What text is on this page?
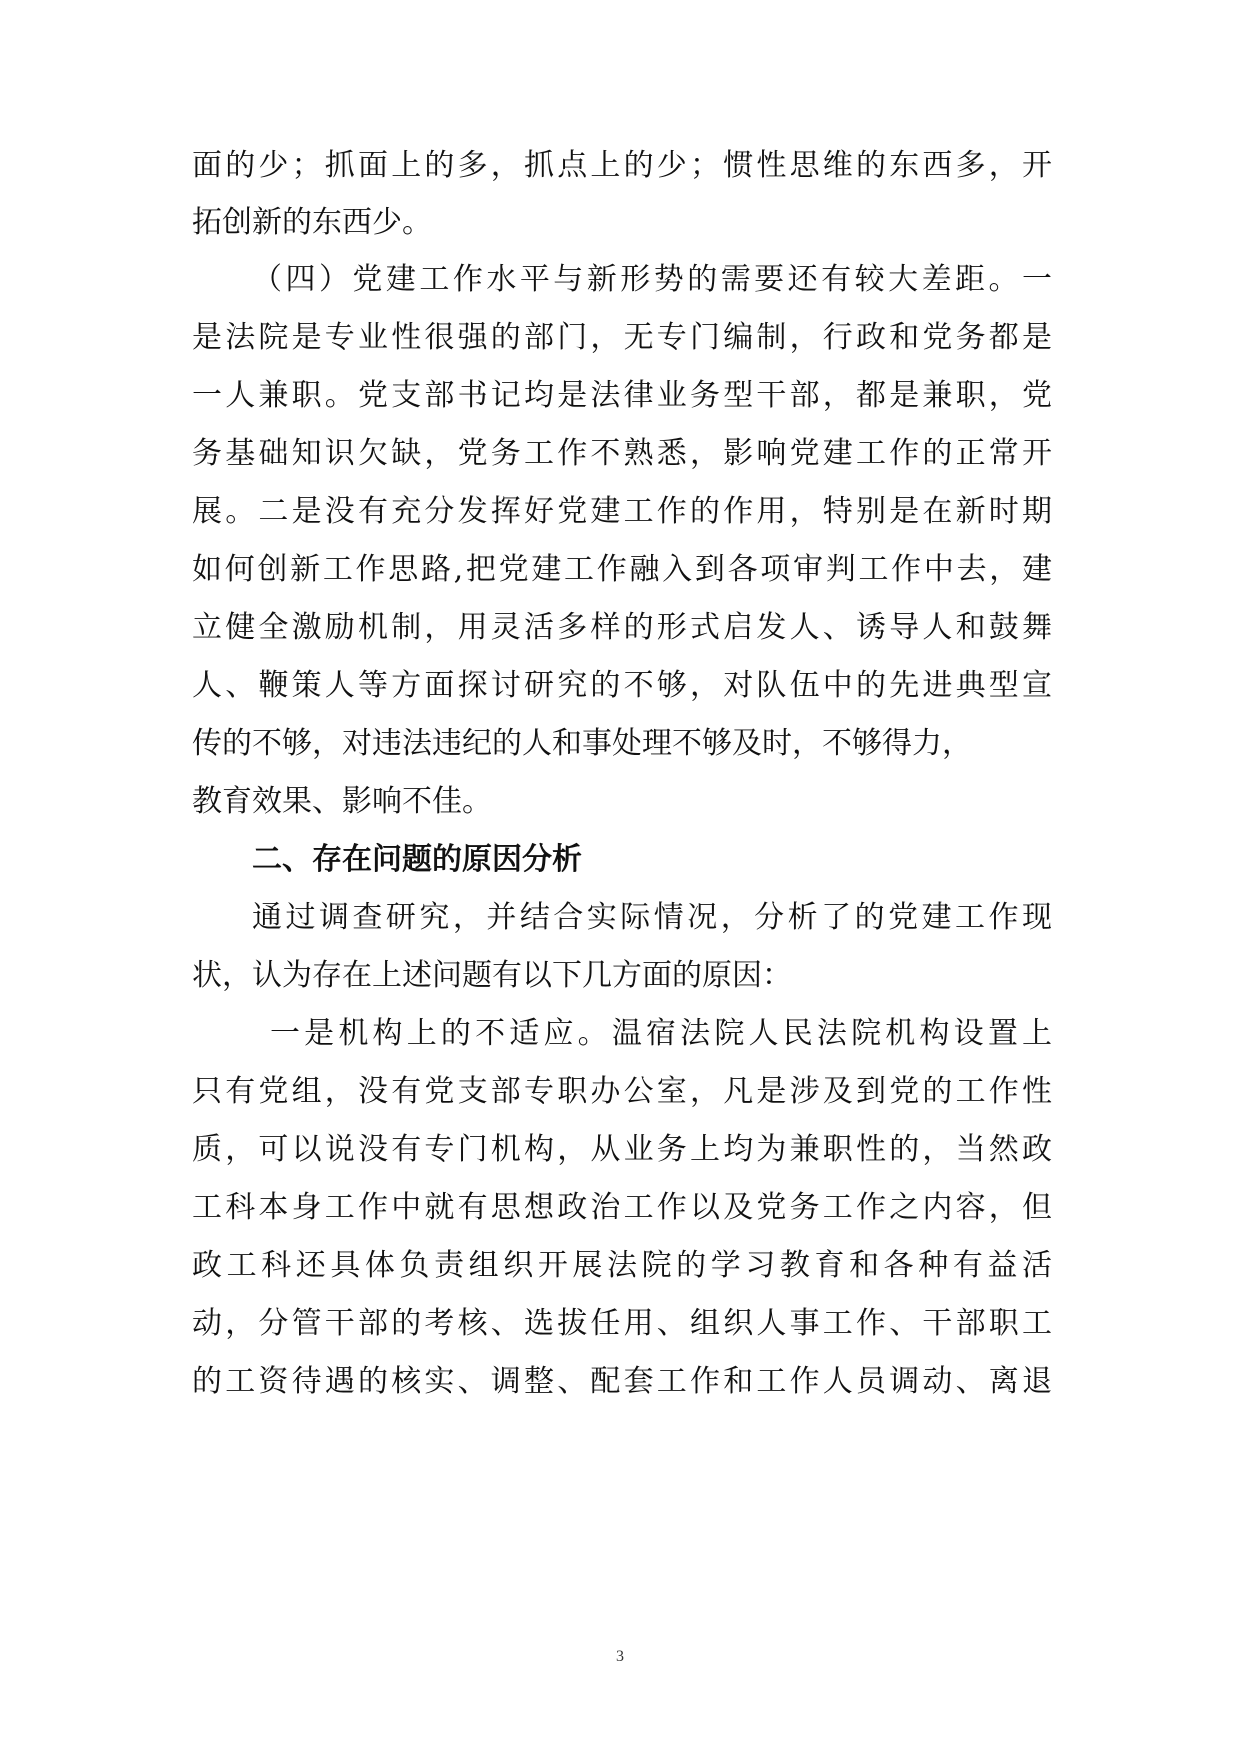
面的少；抓面上的多，抓点上的少；惯性思维的东西多，开
拓创新的东西少。
（四）党建工作水平与新形势的需要还有较大差距。一
是法院是专业性很强的部门，无专门编制，行政和党务都是
一人兼职。党支部书记均是法律业务型干部，都是兼职，党
务基础知识欠缺，党务工作不熟悉，影响党建工作的正常开
展。二是没有充分发挥好党建工作的作用，特别是在新时期
如何创新工作思路,把党建工作融入到各项审判工作中去，建
立健全激励机制，用灵活多样的形式启发人、诱导人和鼓舞
人、鞭策人等方面探讨研究的不够，对队伍中的先进典型宣
传的不够，对违法违纪的人和事处理不够及时，不够得力，
教育效果、影响不佳。
二、存在问题的原因分析
通过调查研究，并结合实际情况，分析了的党建工作现
状，认为存在上述问题有以下几方面的原因：
一是机构上的不适应。温宿法院人民法院机构设置上
只有党组，没有党支部专职办公室，凡是涉及到党的工作性
质，可以说没有专门机构，从业务上均为兼职性的，当然政
工科本身工作中就有思想政治工作以及党务工作之内容，但
政工科还具体负责组织开展法院的学习教育和各种有益活
动，分管干部的考核、选拔任用、组织人事工作、干部职工
的工资待遇的核实、调整、配套工作和工作人员调动、离退
3
